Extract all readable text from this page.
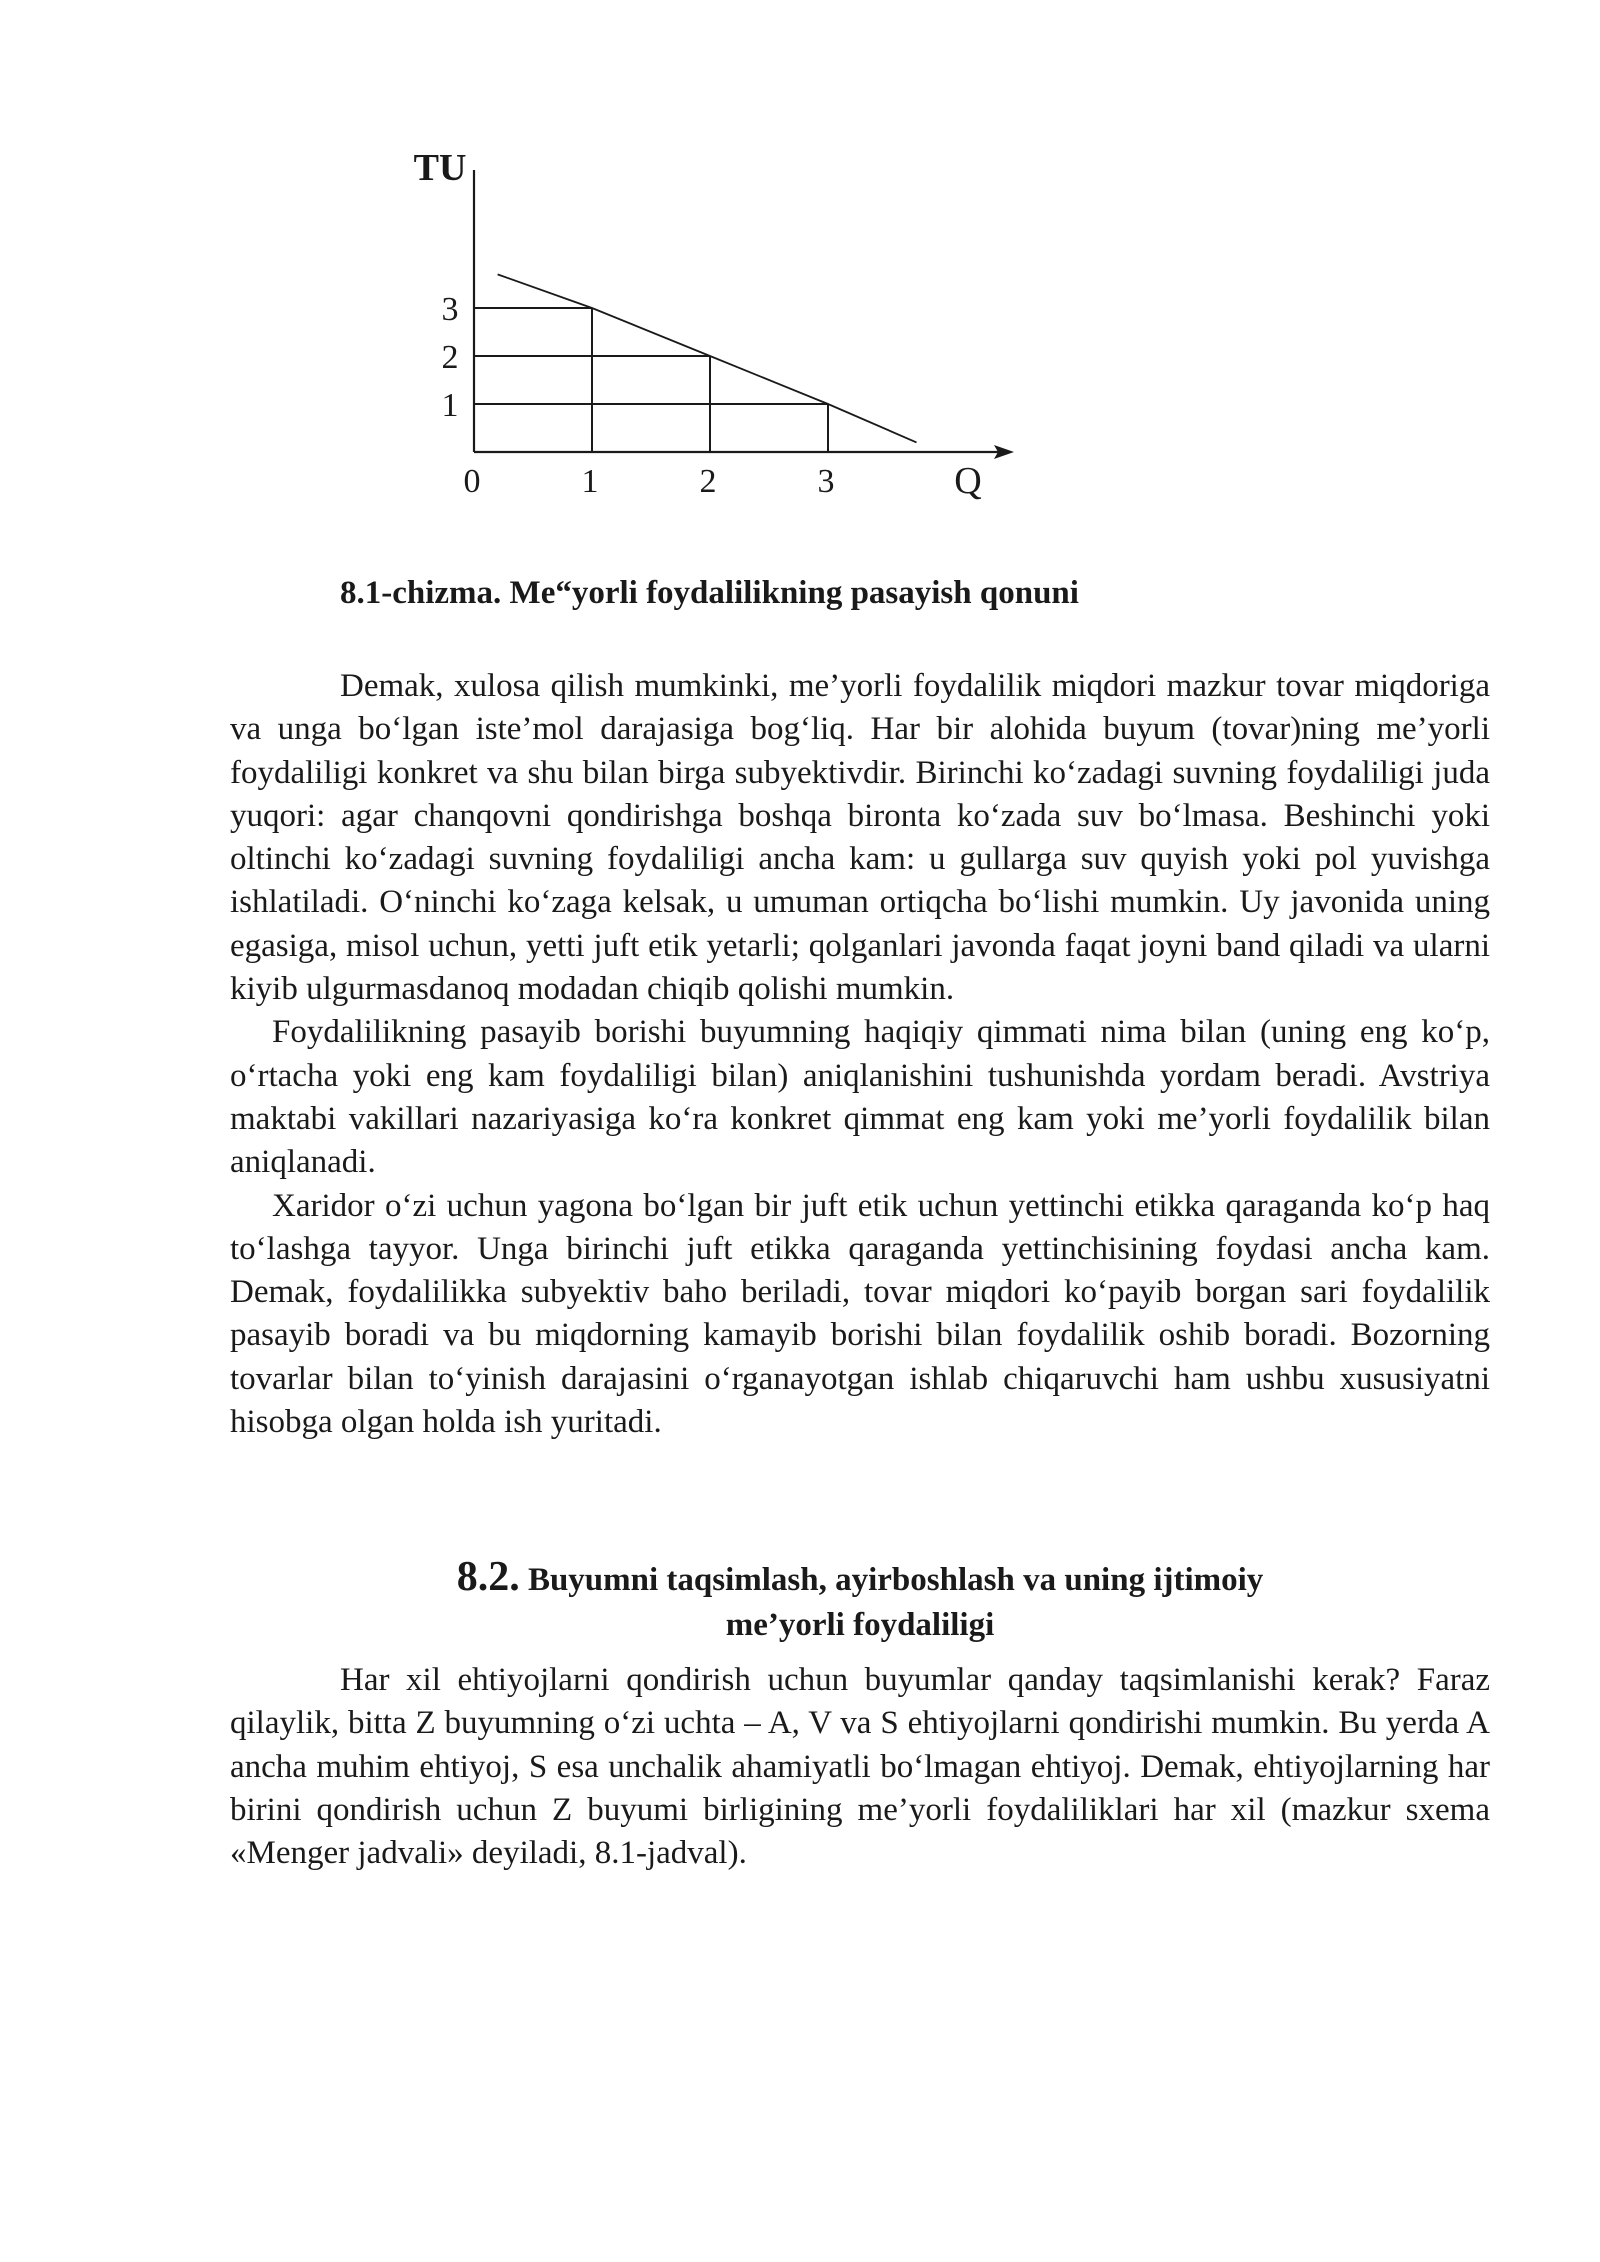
TU
Q
3
2
1
0	1	2	3
8.1-chizma. Me“yorli foydalilikning pasayish qonuni

Demak, xulosa qilish mumkinki, me’yorli foydalilik miqdori mazkur tovar miqdoriga va unga bo‘lgan iste’mol darajasiga bog‘liq. Har bir alohida buyum (tovar)ning me’yorli foydaliligi konkret va shu bilan birga subyektivdir. Birinchi ko‘zadagi suvning foydaliligi juda yuqori: agar chanqovni qondirishga boshqa bironta ko‘zada suv bo‘lmasa. Beshinchi yoki oltinchi ko‘zadagi suvning foydaliligi ancha kam: u gullarga suv quyish yoki pol yuvishga ishlatiladi. O‘ninchi ko‘zaga kelsak, u umuman ortiqcha bo‘lishi mumkin. Uy javonida uning egasiga, misol uchun, yetti juft etik yetarli; qolganlari javonda faqat joyni band qiladi va ularni kiyib ulgurmasdanoq modadan chiqib qolishi mumkin.

Foydalilikning pasayib borishi buyumning haqiqiy qimmati nima bilan (uning eng ko‘p, o‘rtacha yoki eng kam foydaliligi bilan) aniqlanishini tushunishda yordam beradi. Avstriya maktabi vakillari nazariyasiga ko‘ra konkret qimmat eng kam yoki me’yorli foydalilik bilan aniqlanadi.

Xaridor o‘zi uchun yagona bo‘lgan bir juft etik uchun yettinchi etikka qaraganda ko‘p haq to‘lashga tayyor. Unga birinchi juft etikka qaraganda yettinchisining foydasi ancha kam. Demak, foydalilikka subyektiv baho beriladi, tovar miqdori ko‘payib borgan sari foydalilik pasayib boradi va bu miqdorning kamayib borishi bilan foydalilik oshib boradi. Bozorning tovarlar bilan to‘yinish darajasini o‘rganayotgan ishlab chiqaruvchi ham ushbu xususiyatni hisobga olgan holda ish yuritadi.

8.2. Buyumni taqsimlash, ayirboshlash va uning ijtimoiy
me’yorli foydaliligi

Har xil ehtiyojlarni qondirish uchun buyumlar qanday taqsimlanishi kerak? Faraz qilaylik, bitta Z buyumning o‘zi uchta – A, V va S ehtiyojlarni qondirishi mumkin. Bu yerda A ancha muhim ehtiyoj, S esa unchalik ahamiyatli bo‘lmagan ehtiyoj. Demak, ehtiyojlarning har birini qondirish uchun Z buyumi birligining me’yorli foydaliliklari har xil (mazkur sxema «Menger jadvali» deyiladi, 8.1-jadval).
